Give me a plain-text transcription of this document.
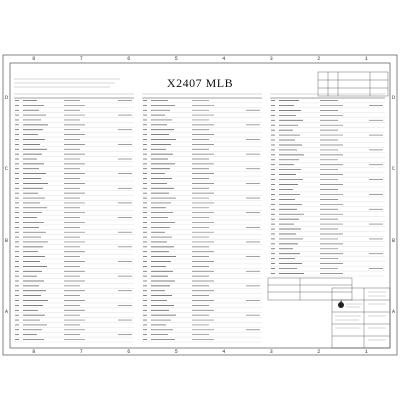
8	7	6	5	4	3	2	1
8	7	6	5	4	3	2	1
D
C
B
A
D
C
B
A
X2407 MLB
